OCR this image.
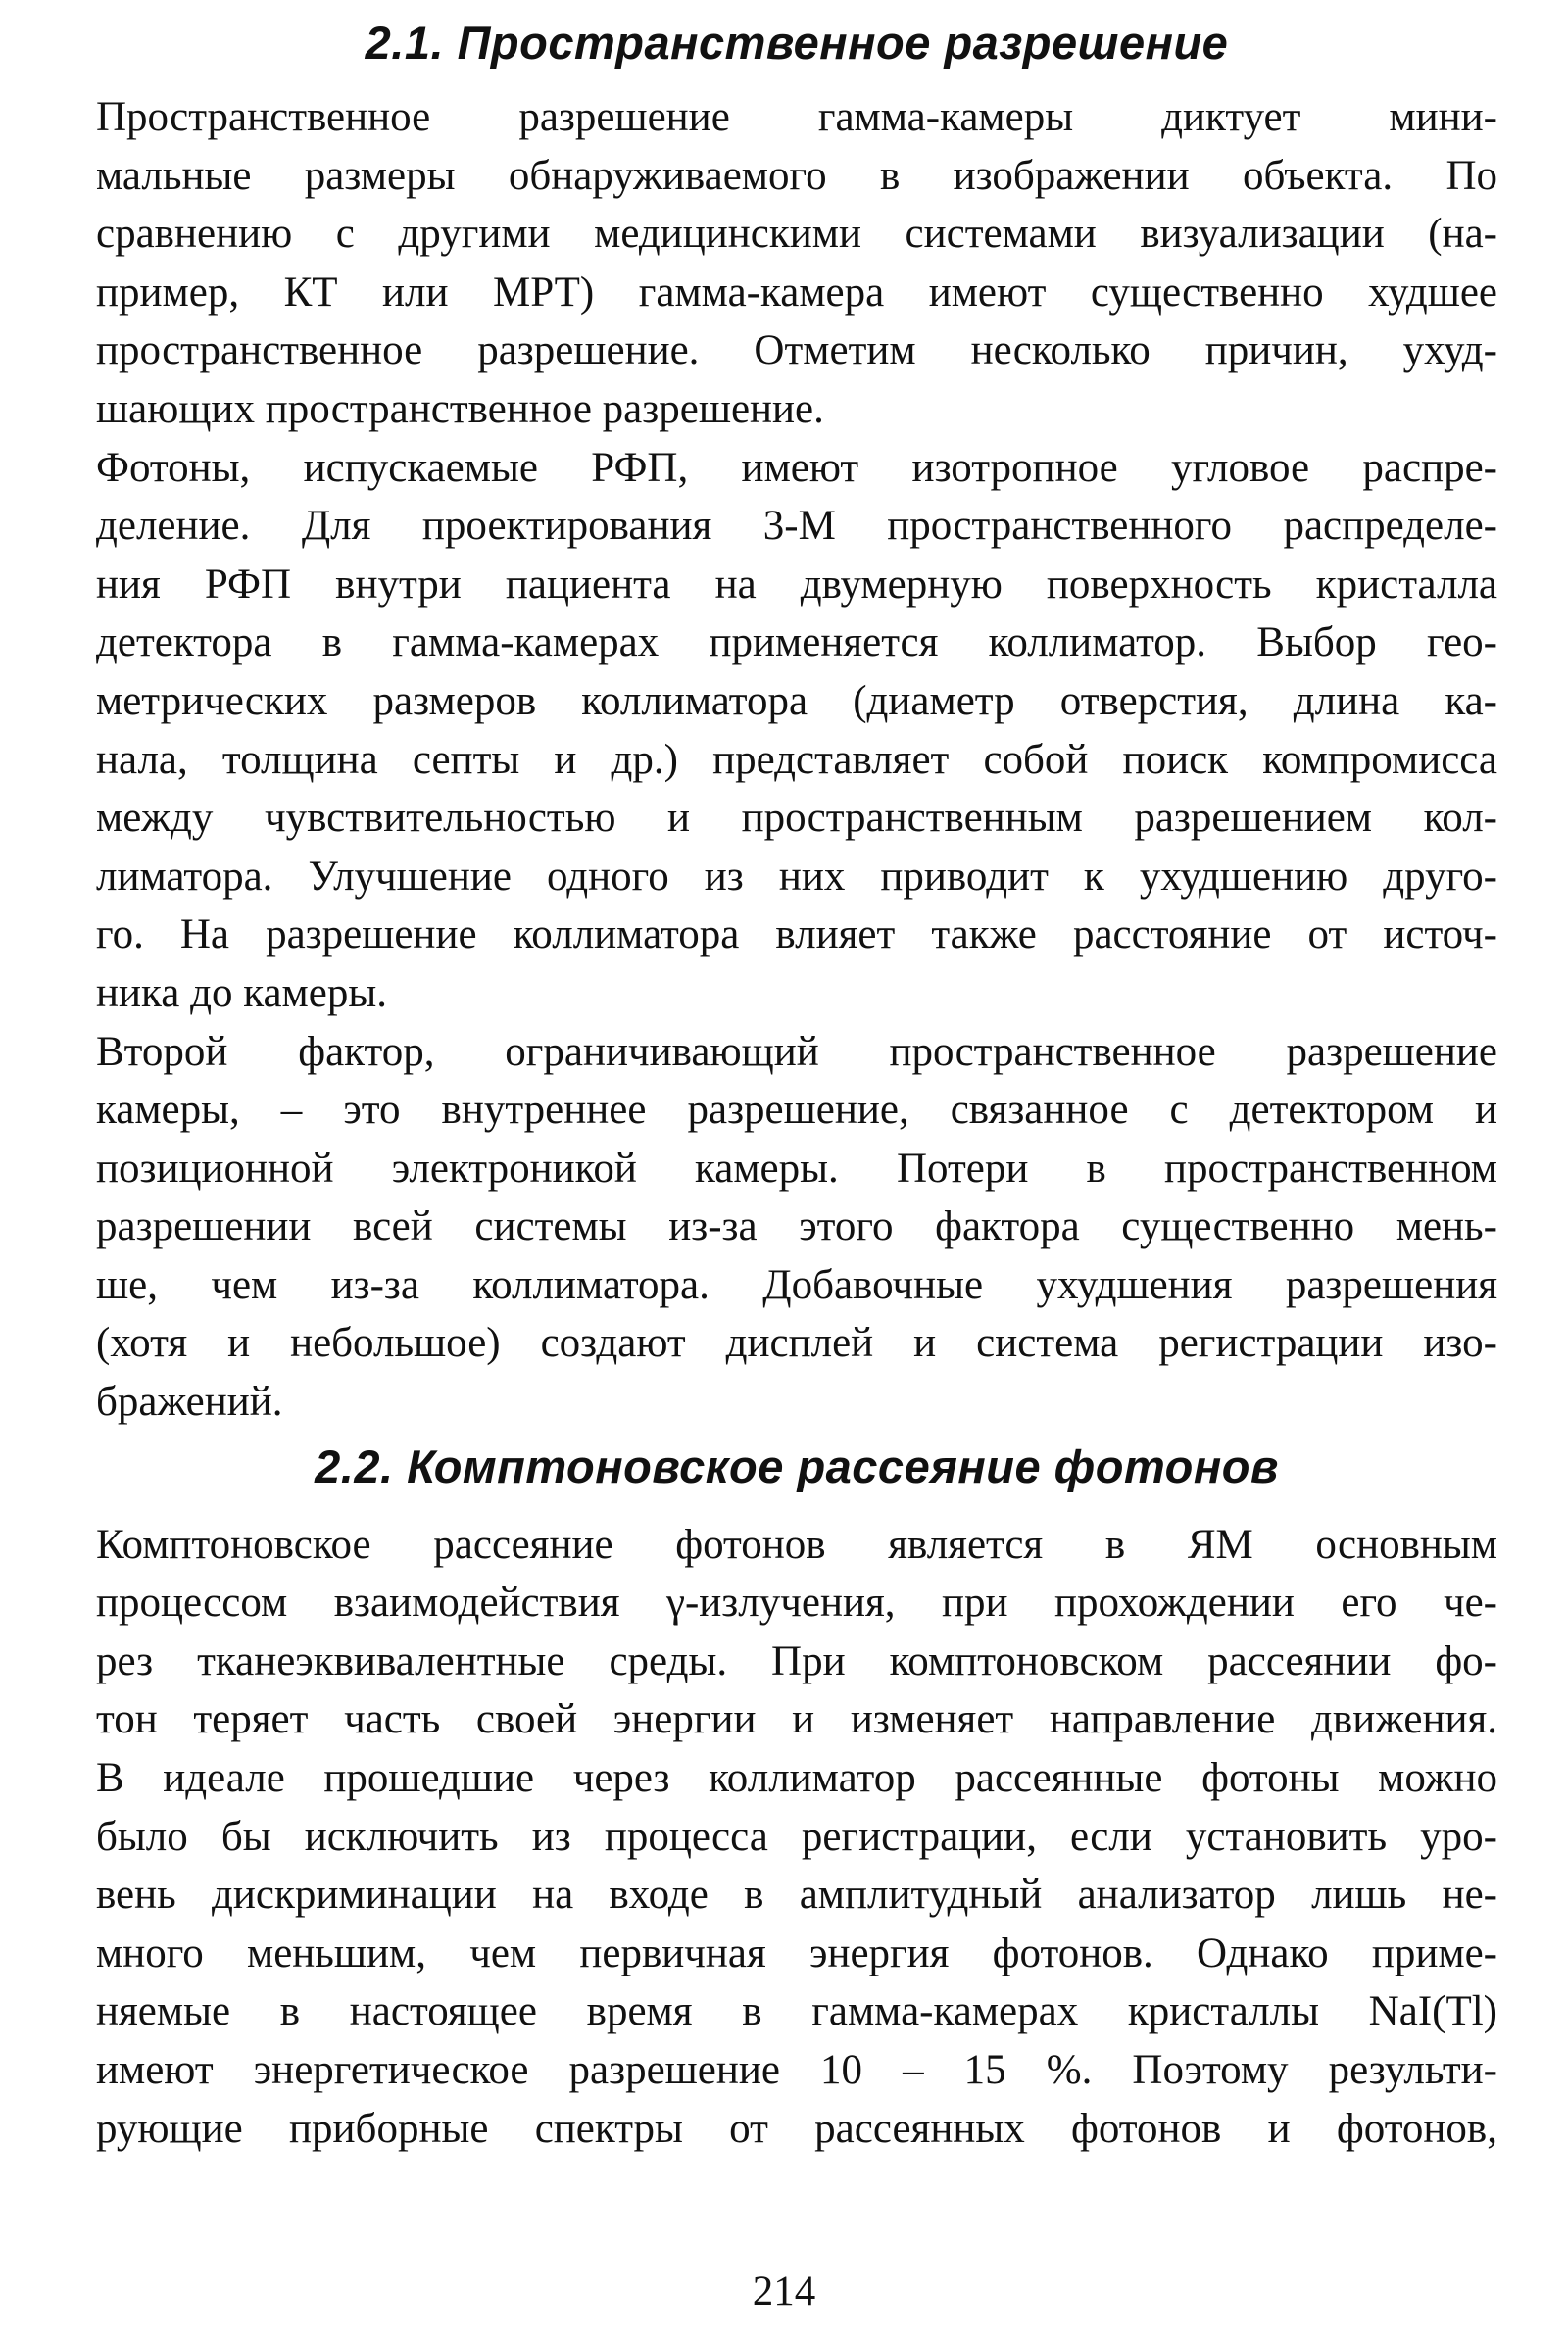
2.1. Пространственное разрешение

Пространственное разрешение гамма-камеры диктует мини-
мальные размеры обнаруживаемого в изображении объекта. По
сравнению с другими медицинскими системами визуализации (на-
пример, КТ или МРТ) гамма-камера имеют существенно худшее
пространственное разрешение. Отметим несколько причин, ухуд-
шающих пространственное разрешение.

Фотоны, испускаемые РФП, имеют изотропное угловое распре-
деление. Для проектирования 3-М пространственного распределе-
ния РФП внутри пациента на двумерную поверхность кристалла
детектора в гамма-камерах применяется коллиматор. Выбор гео-
метрических размеров коллиматора (диаметр отверстия, длина ка-
нала, толщина септы и др.) представляет собой поиск компромисса
между чувствительностью и пространственным разрешением кол-
лиматора. Улучшение одного из них приводит к ухудшению друго-
го. На разрешение коллиматора влияет также расстояние от источ-
ника до камеры.

Второй фактор, ограничивающий пространственное разрешение
камеры, – это внутреннее разрешение, связанное с детектором и
позиционной электроникой камеры. Потери в пространственном
разрешении всей системы из-за этого фактора существенно мень-
ше, чем из-за коллиматора. Добавочные ухудшения разрешения
(хотя и небольшое) создают дисплей и система регистрации изо-
бражений.

2.2. Комптоновское рассеяние фотонов

Комптоновское рассеяние фотонов является в ЯМ основным
процессом взаимодействия γ-излучения, при прохождении его че-
рез тканеэквивалентные среды. При комптоновском рассеянии фо-
тон теряет часть своей энергии и изменяет направление движения.
В идеале прошедшие через коллиматор рассеянные фотоны можно
было бы исключить из процесса регистрации, если установить уро-
вень дискриминации на входе в амплитудный анализатор лишь не-
много меньшим, чем первичная энергия фотонов. Однако приме-
няемые в настоящее время в гамма-камерах кристаллы NaI(Tl)
имеют энергетическое разрешение 10 – 15 %. Поэтому результи-
рующие приборные спектры от рассеянных фотонов и фотонов,

214
